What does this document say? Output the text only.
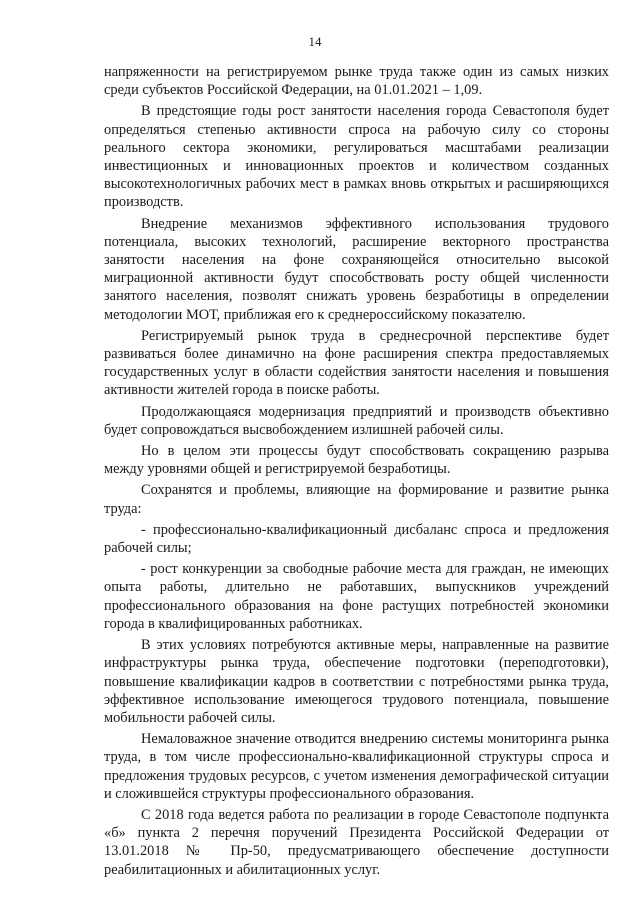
14

напряженности на регистрируемом рынке труда также один из самых низких среди субъектов Российской Федерации, на 01.01.2021 – 1,09.

В предстоящие годы рост занятости населения города Севастополя будет определяться степенью активности спроса на рабочую силу со стороны реального сектора экономики, регулироваться масштабами реализации инвестиционных и инновационных проектов и количеством созданных высокотехнологичных рабочих мест в рамках вновь открытых и расширяющихся производств.

Внедрение механизмов эффективного использования трудового потенциала, высоких технологий, расширение векторного пространства занятости населения на фоне сохраняющейся относительно высокой миграционной активности будут способствовать росту общей численности занятого населения, позволят снижать уровень безработицы в определении методологии МОТ, приближая его к среднероссийскому показателю.

Регистрируемый рынок труда в среднесрочной перспективе будет развиваться более динамично на фоне расширения спектра предоставляемых государственных услуг в области содействия занятости населения и повышения активности жителей города в поиске работы.

Продолжающаяся модернизация предприятий и производств объективно будет сопровождаться высвобождением излишней рабочей силы.

Но в целом эти процессы будут способствовать сокращению разрыва между уровнями общей и регистрируемой безработицы.

Сохранятся и проблемы, влияющие на формирование и развитие рынка труда:

- профессионально-квалификационный дисбаланс спроса и предложения рабочей силы;

- рост конкуренции за свободные рабочие места для граждан, не имеющих опыта работы, длительно не работавших, выпускников учреждений профессионального образования на фоне растущих потребностей экономики города в квалифицированных работниках.

В этих условиях потребуются активные меры, направленные на развитие инфраструктуры рынка труда, обеспечение подготовки (переподготовки), повышение квалификации кадров в соответствии с потребностями рынка труда, эффективное использование имеющегося трудового потенциала, повышение мобильности рабочей силы.

Немаловажное значение отводится внедрению системы мониторинга рынка труда, в том числе профессионально-квалификационной структуры спроса и предложения трудовых ресурсов, с учетом изменения демографической ситуации и сложившейся структуры профессионального образования.

С 2018 года ведется работа по реализации в городе Севастополе подпункта «б» пункта 2 перечня поручений Президента Российской Федерации от 13.01.2018 № Пр-50, предусматривающего обеспечение доступности реабилитационных и абилитационных услуг.
